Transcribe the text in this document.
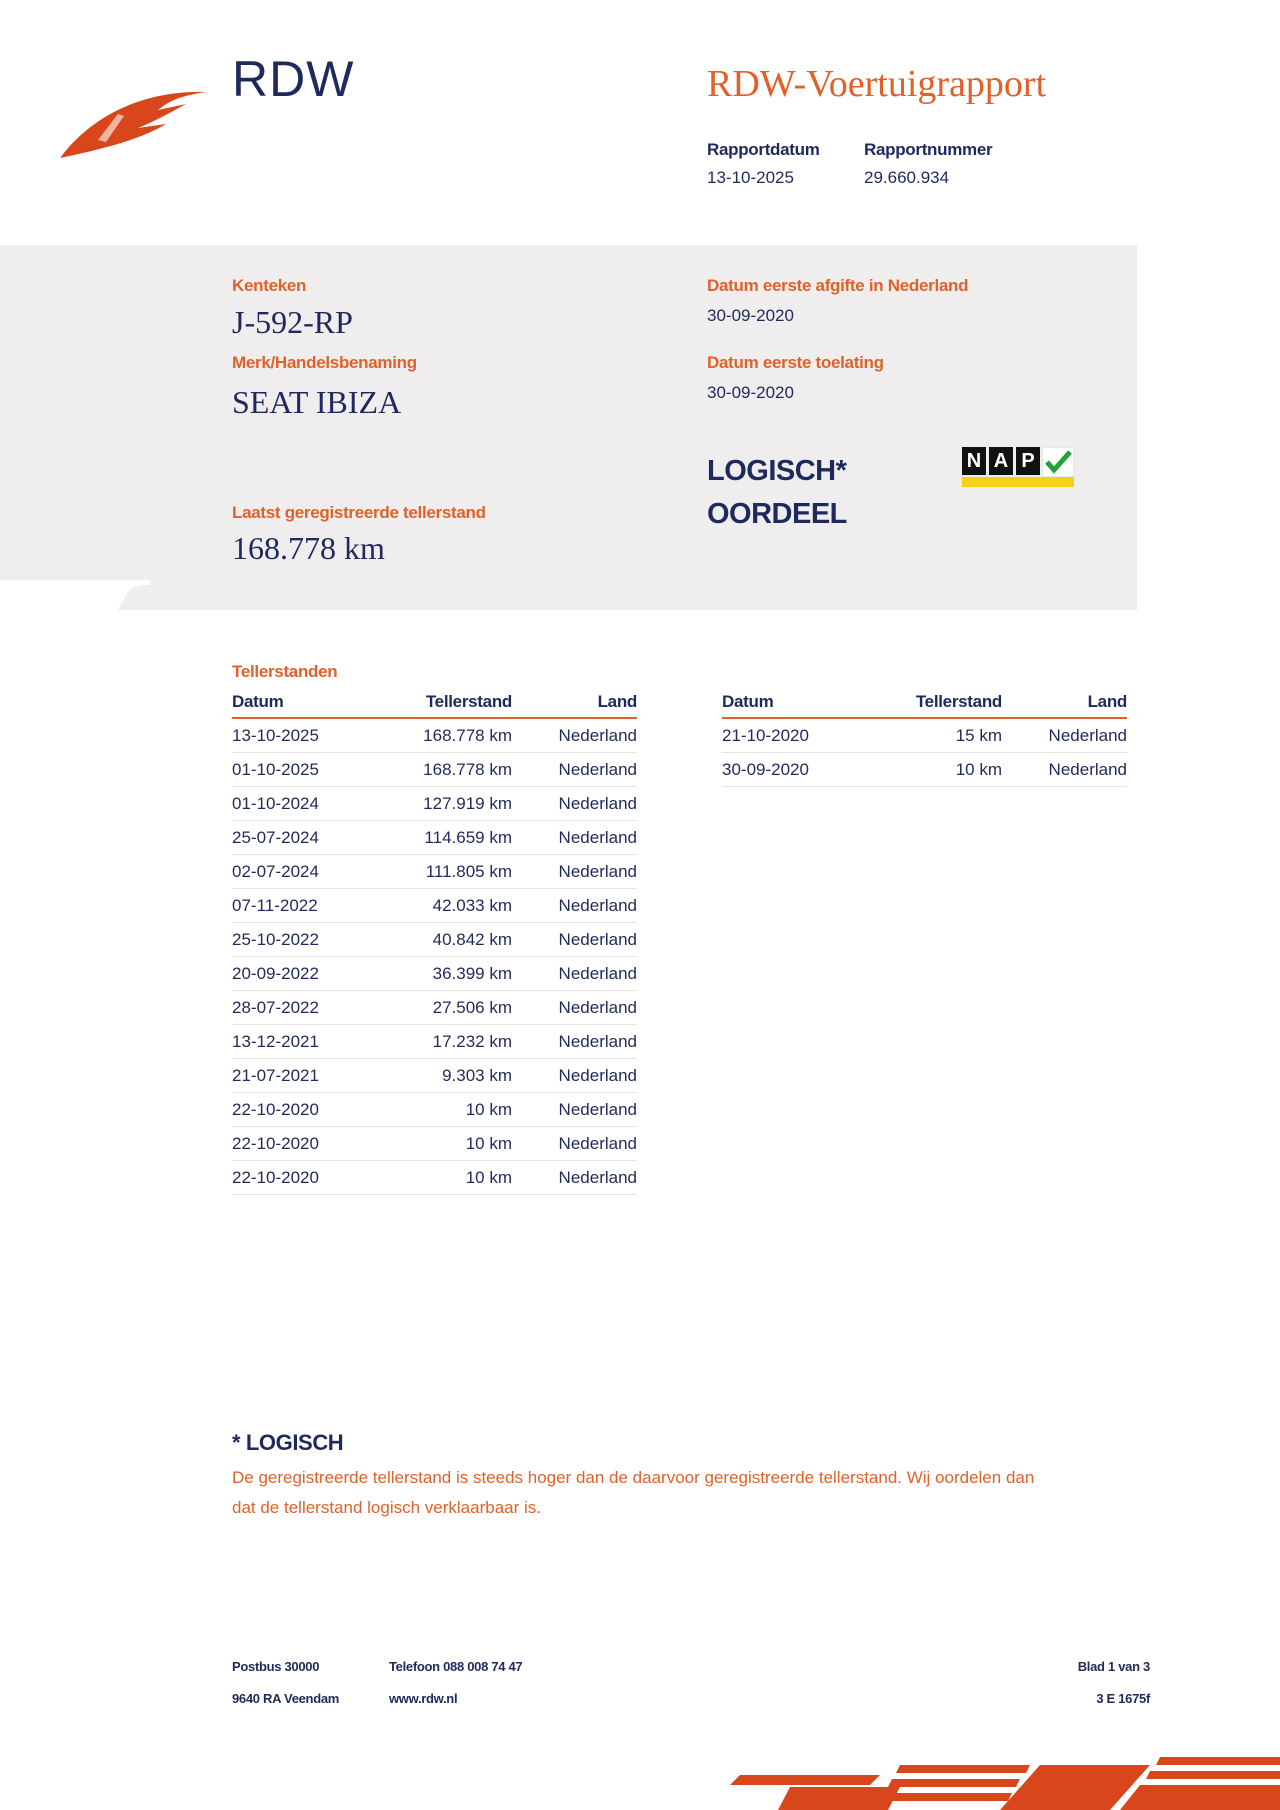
RDW	RDW-Voertuigrapport
Rapportdatum
13-10-2025
Rapportnummer
29.660.934
Kenteken
J-592-RP
Merk/Handelsbenaming
SEAT IBIZA
Laatst geregistreerde tellerstand
168.778 km
Datum eerste afgifte in Nederland
30-09-2020
Datum eerste toelating
30-09-2020
LOGISCH*
OORDEEL
N A P
Tellerstanden
Datum	Tellerstand	Land
13-10-2025	168.778 km	Nederland
01-10-2025	168.778 km	Nederland
01-10-2024	127.919 km	Nederland
25-07-2024	114.659 km	Nederland
02-07-2024	111.805 km	Nederland
07-11-2022	42.033 km	Nederland
25-10-2022	40.842 km	Nederland
20-09-2022	36.399 km	Nederland
28-07-2022	27.506 km	Nederland
13-12-2021	17.232 km	Nederland
21-07-2021	9.303 km	Nederland
22-10-2020	10 km	Nederland
22-10-2020	10 km	Nederland
22-10-2020	10 km	Nederland
Datum	Tellerstand	Land
21-10-2020	15 km	Nederland
30-09-2020	10 km	Nederland
* LOGISCH
De geregistreerde tellerstand is steeds hoger dan de daarvoor geregistreerde tellerstand. Wij oordelen dan
dat de tellerstand logisch verklaarbaar is.
Postbus 30000
9640 RA Veendam
Telefoon 088 008 74 47
www.rdw.nl
Blad 1 van 3
3 E 1675f
